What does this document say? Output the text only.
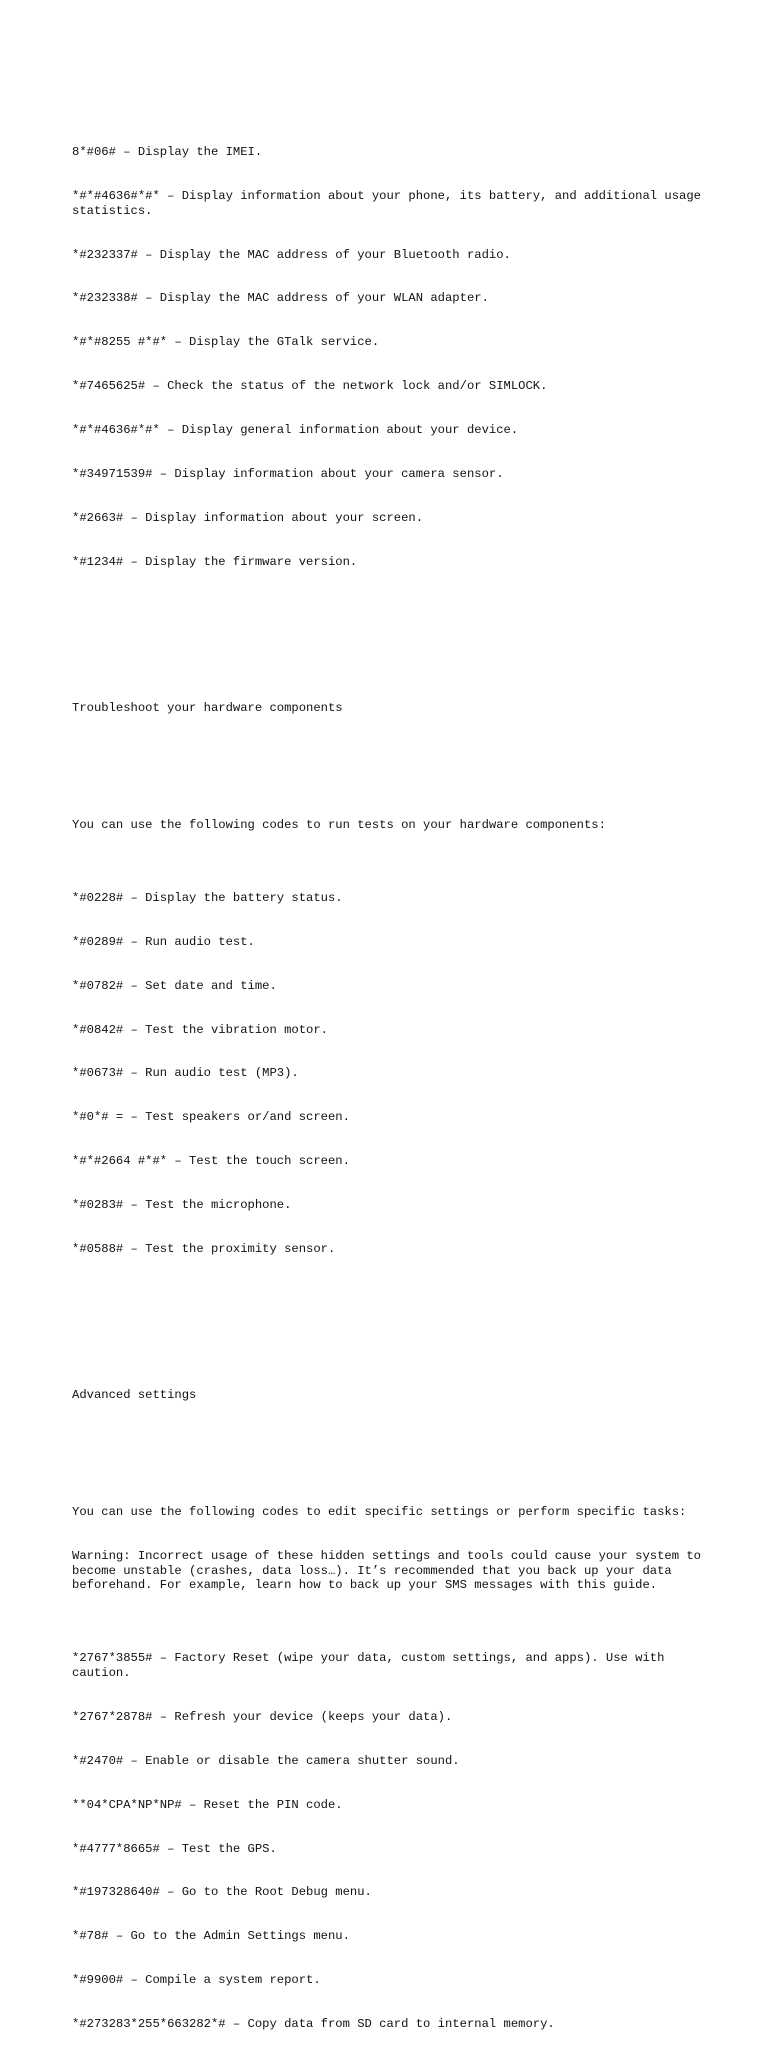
8*#06# – Display the IMEI.

*#*#4636#*#* – Display information about your phone, its battery, and additional usage statistics.

*#232337# – Display the MAC address of your Bluetooth radio.

*#232338# – Display the MAC address of your WLAN adapter.

*#*#8255 #*#* – Display the GTalk service.

*#7465625# – Check the status of the network lock and/or SIMLOCK.

*#*#4636#*#* – Display general information about your device.

*#34971539# – Display information about your camera sensor.

*#2663# – Display information about your screen.

*#1234# – Display the firmware version.

Troubleshoot your hardware components

You can use the following codes to run tests on your hardware components:

*#0228# – Display the battery status.

*#0289# – Run audio test.

*#0782# – Set date and time.

*#0842# – Test the vibration motor.

*#0673# – Run audio test (MP3).

*#0*# = – Test speakers or/and screen.

*#*#2664 #*#* – Test the touch screen.

*#0283# – Test the microphone.

*#0588# – Test the proximity sensor.

Advanced settings

You can use the following codes to edit specific settings or perform specific tasks:

Warning: Incorrect usage of these hidden settings and tools could cause your system to become unstable (crashes, data loss…). It’s recommended that you back up your data beforehand. For example, learn how to back up your SMS messages with this guide.

*2767*3855# – Factory Reset (wipe your data, custom settings, and apps). Use with caution.

*2767*2878# – Refresh your device (keeps your data).

*#2470# – Enable or disable the camera shutter sound.

**04*CPA*NP*NP# – Reset the PIN code.

*#4777*8665# – Test the GPS.

*#197328640# – Go to the Root Debug menu.

*#78# – Go to the Admin Settings menu.

*#9900# – Compile a system report.

*#273283*255*663282*# – Copy data from SD card to internal memory.
